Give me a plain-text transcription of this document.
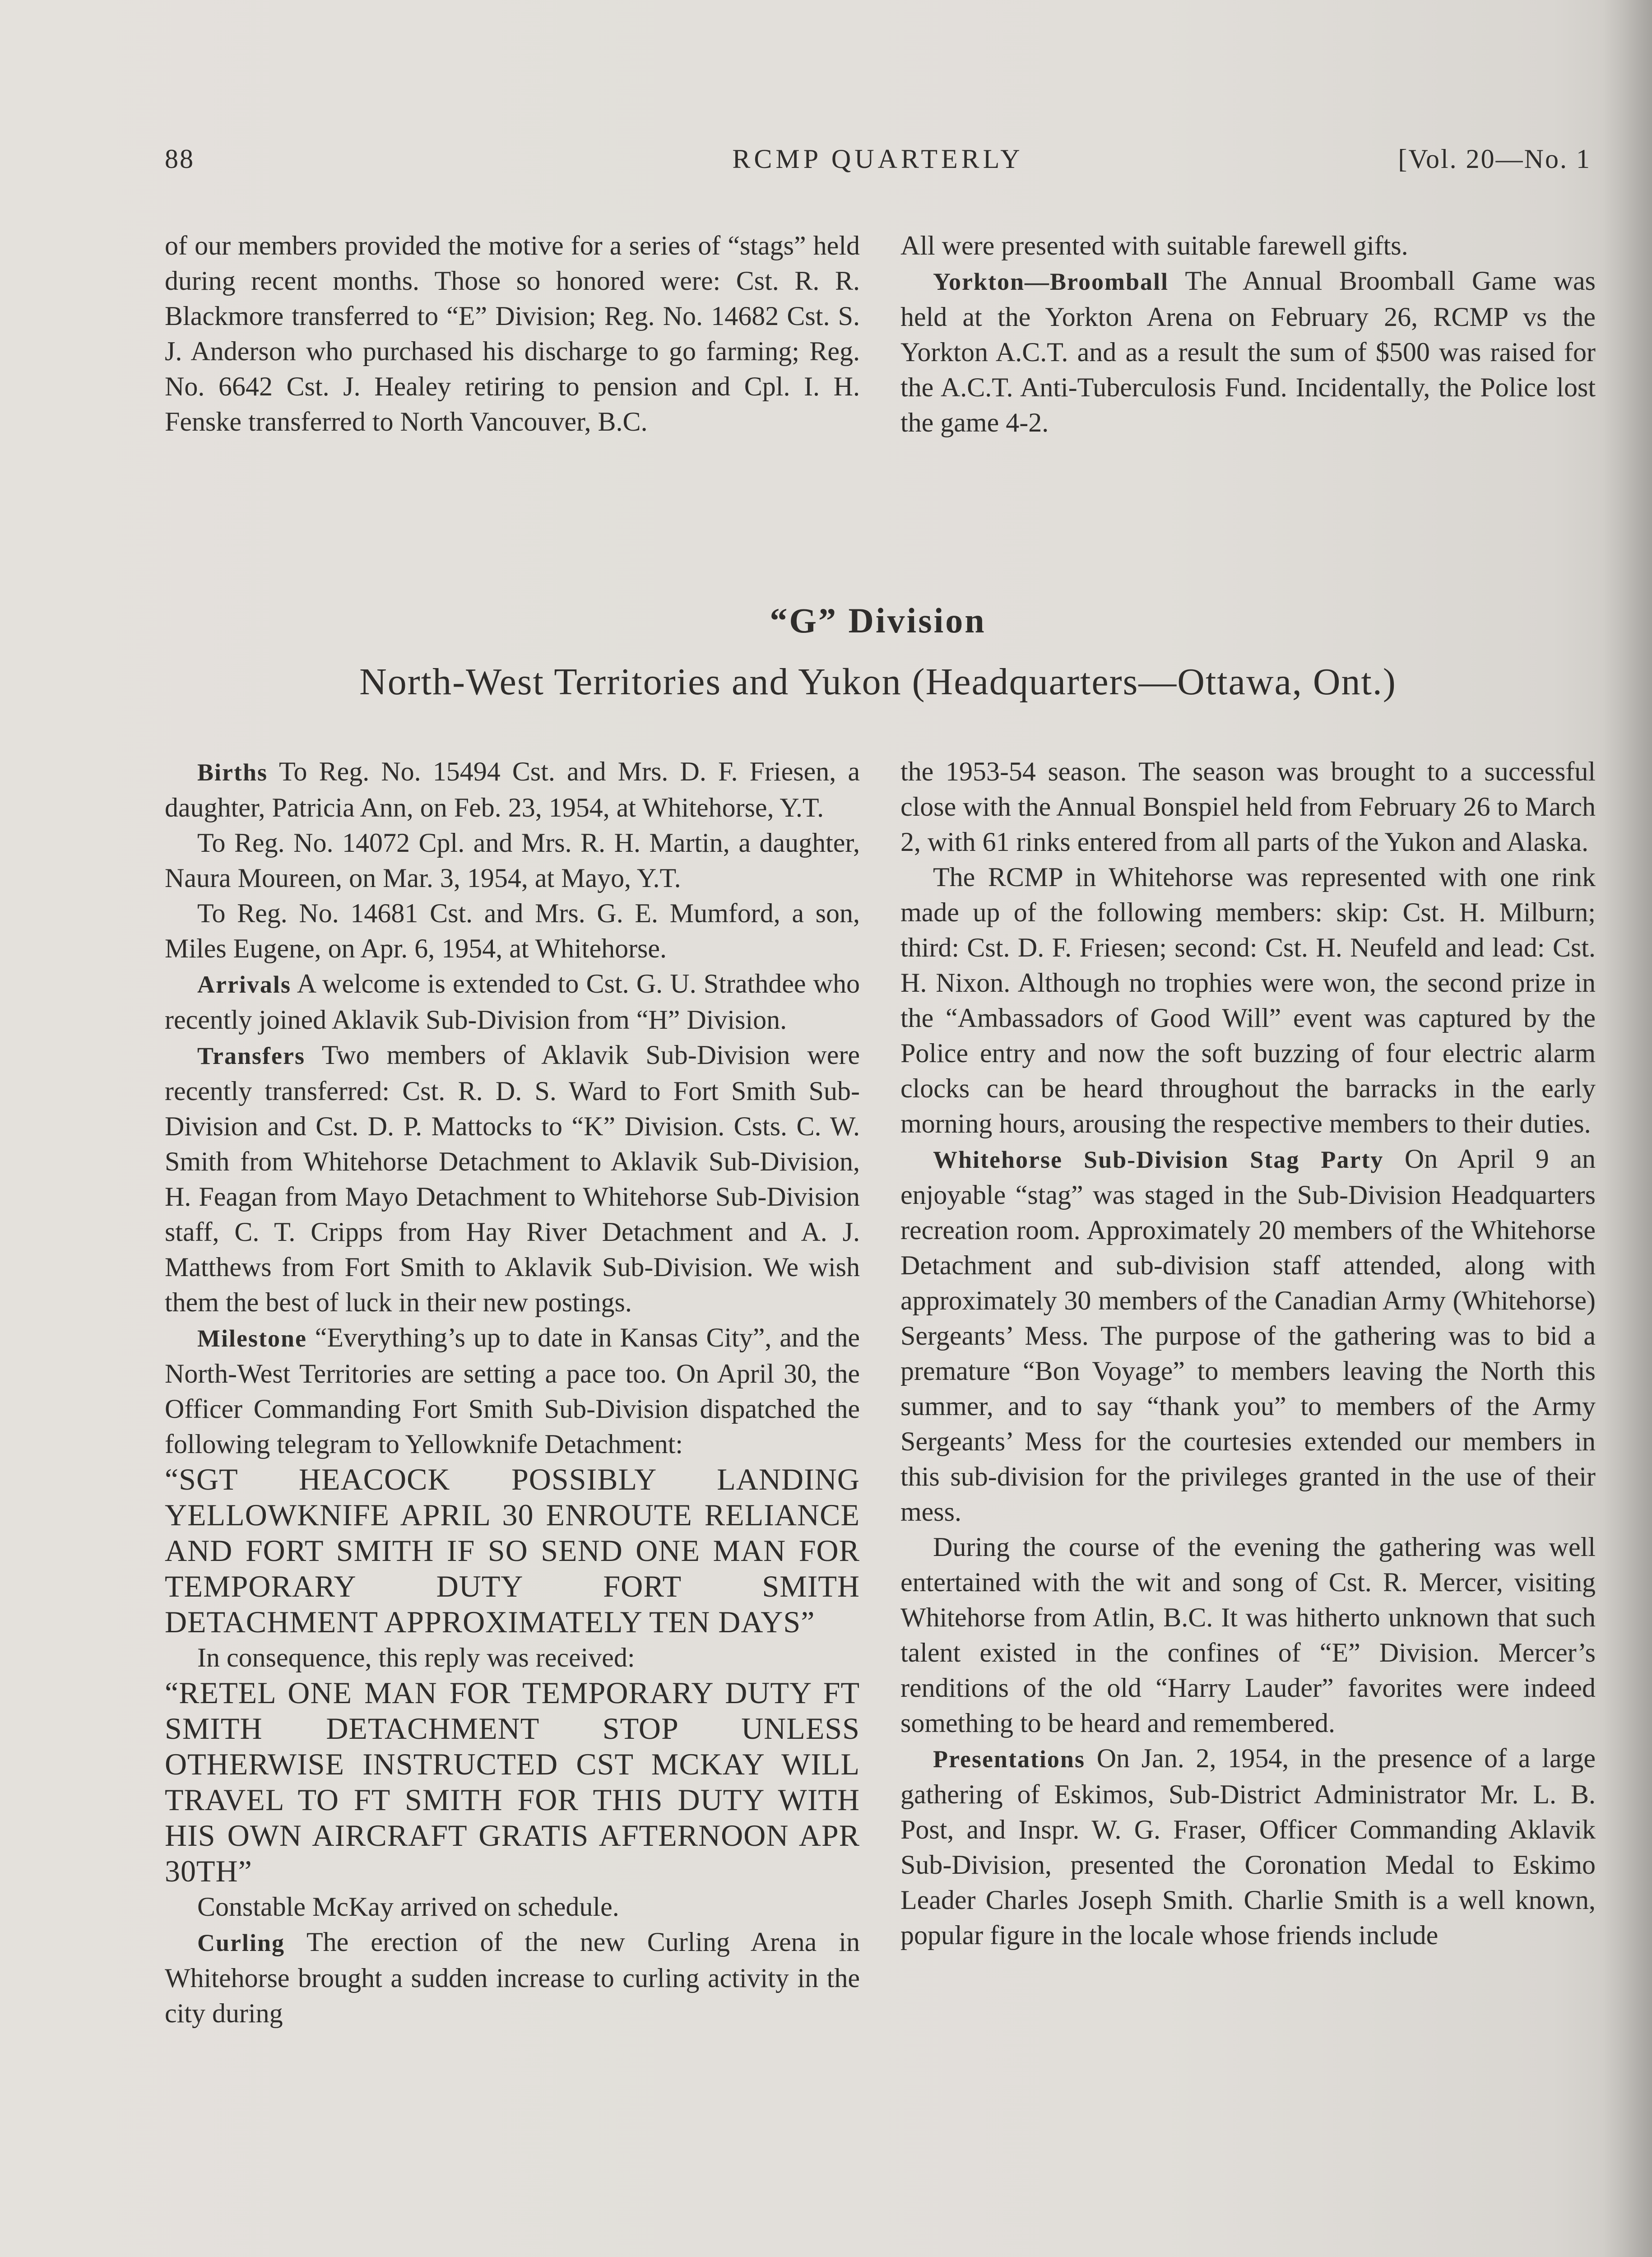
88	RCMP QUARTERLY	[Vol. 20—No. 1

of our members provided the motive for a series of “stags” held during recent months. Those so honored were: Cst. R. R. Blackmore transferred to “E” Division; Reg. No. 14682 Cst. S. J. Anderson who purchased his discharge to go farming; Reg. No. 6642 Cst. J. Healey retiring to pension and Cpl. I. H. Fenske transferred to North Vancouver, B.C.

All were presented with suitable farewell gifts.

Yorkton—Broomball The Annual Broomball Game was held at the Yorkton Arena on February 26, RCMP vs the Yorkton A.C.T. and as a result the sum of $500 was raised for the A.C.T. Anti-Tuberculosis Fund. Incidentally, the Police lost the game 4-2.

“G” Division
North-West Territories and Yukon (Headquarters—Ottawa, Ont.)

Births To Reg. No. 15494 Cst. and Mrs. D. F. Friesen, a daughter, Patricia Ann, on Feb. 23, 1954, at Whitehorse, Y.T.

To Reg. No. 14072 Cpl. and Mrs. R. H. Martin, a daughter, Naura Moureen, on Mar. 3, 1954, at Mayo, Y.T.

To Reg. No. 14681 Cst. and Mrs. G. E. Mumford, a son, Miles Eugene, on Apr. 6, 1954, at Whitehorse.

Arrivals A welcome is extended to Cst. G. U. Strathdee who recently joined Aklavik Sub-Division from “H” Division.

Transfers Two members of Aklavik Sub-Division were recently transferred: Cst. R. D. S. Ward to Fort Smith Sub-Division and Cst. D. P. Mattocks to “K” Division. Csts. C. W. Smith from Whitehorse Detachment to Aklavik Sub-Division, H. Feagan from Mayo Detachment to Whitehorse Sub-Division staff, C. T. Cripps from Hay River Detachment and A. J. Matthews from Fort Smith to Aklavik Sub-Division. We wish them the best of luck in their new postings.

Milestone “Everything’s up to date in Kansas City”, and the North-West Territories are setting a pace too. On April 30, the Officer Commanding Fort Smith Sub-Division dispatched the following telegram to Yellowknife Detachment:

“SGT HEACOCK POSSIBLY LANDING YELLOWKNIFE APRIL 30 ENROUTE RELIANCE AND FORT SMITH IF SO SEND ONE MAN FOR TEMPORARY DUTY FORT SMITH DETACHMENT APPROXIMATELY TEN DAYS”

In consequence, this reply was received:

“RETEL ONE MAN FOR TEMPORARY DUTY FT SMITH DETACHMENT STOP UNLESS OTHERWISE INSTRUCTED CST MCKAY WILL TRAVEL TO FT SMITH FOR THIS DUTY WITH HIS OWN AIRCRAFT GRATIS AFTERNOON APR 30TH”

Constable McKay arrived on schedule.

Curling The erection of the new Curling Arena in Whitehorse brought a sudden increase to curling activity in the city during

the 1953-54 season. The season was brought to a successful close with the Annual Bonspiel held from February 26 to March 2, with 61 rinks entered from all parts of the Yukon and Alaska.

The RCMP in Whitehorse was represented with one rink made up of the following members: skip: Cst. H. Milburn; third: Cst. D. F. Friesen; second: Cst. H. Neufeld and lead: Cst. H. Nixon. Although no trophies were won, the second prize in the “Ambassadors of Good Will” event was captured by the Police entry and now the soft buzzing of four electric alarm clocks can be heard throughout the barracks in the early morning hours, arousing the respective members to their duties.

Whitehorse Sub-Division Stag Party On April 9 an enjoyable “stag” was staged in the Sub-Division Headquarters recreation room. Approximately 20 members of the Whitehorse Detachment and sub-division staff attended, along with approximately 30 members of the Canadian Army (Whitehorse) Sergeants’ Mess. The purpose of the gathering was to bid a premature “Bon Voyage” to members leaving the North this summer, and to say “thank you” to members of the Army Sergeants’ Mess for the courtesies extended our members in this sub-division for the privileges granted in the use of their mess.

During the course of the evening the gathering was well entertained with the wit and song of Cst. R. Mercer, visiting Whitehorse from Atlin, B.C. It was hitherto unknown that such talent existed in the confines of “E” Division. Mercer’s renditions of the old “Harry Lauder” favorites were indeed something to be heard and remembered.

Presentations On Jan. 2, 1954, in the presence of a large gathering of Eskimos, Sub-District Administrator Mr. L. B. Post, and Inspr. W. G. Fraser, Officer Commanding Aklavik Sub-Division, presented the Coronation Medal to Eskimo Leader Charles Joseph Smith. Charlie Smith is a well known, popular figure in the locale whose friends include
